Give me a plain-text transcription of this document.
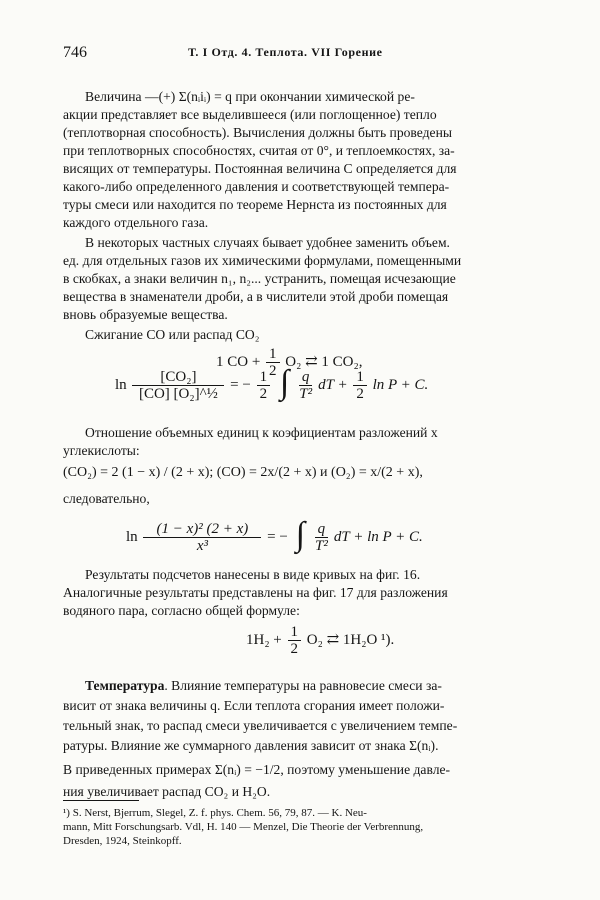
746	Т. I Отд. 4. Теплота. VII Горение
Величина —(+) Σ(nᵢiᵢ) = q при окончании химической ре-
акции представляет все выделившееся (или поглощенное) тепло
(теплотворная способность). Вычисления должны быть проведены
при теплотворных способностях, считая от 0°, и теплоемкостях, за-
висящих от температуры. Постоянная величина C определяется для
какого-либо определенного давления и соответствующей темпера-
туры смеси или находится по теореме Нернста из постоянных для
каждого отдельного газа.
В некоторых частных случаях бывает удобнее заменить объем.
ед. для отдельных газов их химическими формулами, помещенными
в скобках, а знаки величин n₁, n₂... устранить, помещая исчезающие
вещества в знаменатели дроби, а в числители этой дроби помещая
вновь образуемые вещества.
Сжигание CO или распад CO₂
1 CO + $\frac{1}{2} O_2$ ⇄ 1 CO₂,
$\ln \frac{\text{[CO₂]}}{\text{[CO] [O₂]\textasciicircum{}½}}$ = − $\frac{1}{2}$ ∫ $\frac{q}{\text{T²}}$ dT + $\frac{1}{2}$ ln P + C.
Отношение объемных единиц к коэфициентам разложений x
углекислоты:
(CO₂) = 2 (1 − x) / (2 + x); (CO) = 2x/(2 + x) и (O₂) = x/(2 + x),
следовательно,
$\ln \frac{\text{(1 − x)² (2 + x)}}{\text{x³}}$ = − ∫ $\frac{q}{\text{T²}}$ dT + ln P + C.
Результаты подсчетов нанесены в виде кривых на фиг. 16.
Аналогичные результаты представлены на фиг. 17 для разложения
водяного пара, согласно общей формуле:
$1H_2 + \frac{1}{2} O_2$ ⇄ 1H₂O ¹).
Температура. Влияние температуры на равновесие смеси за-
висит от знака величины q. Если теплота сгорания имеет положи-
тельный знак, то распад смеси увеличивается с увеличением темпе-
ратуры. Влияние же суммарного давления зависит от знака Σ(nᵢ).
В приведенных примерах Σ(nᵢ) = −1/2, поэтому уменьшение давле-
ния увеличивает распад CO₂ и H₂O.
¹) S. Nerst, Bjerrum, Slegel, Z. f. phys. Chem. 56, 79, 87. — K. Neu-
mann, Mitt Forschungsarb. Vdl, H. 140 — Menzel, Die Theorie der Verbrennung,
Dresden, 1924, Steinkopff.
